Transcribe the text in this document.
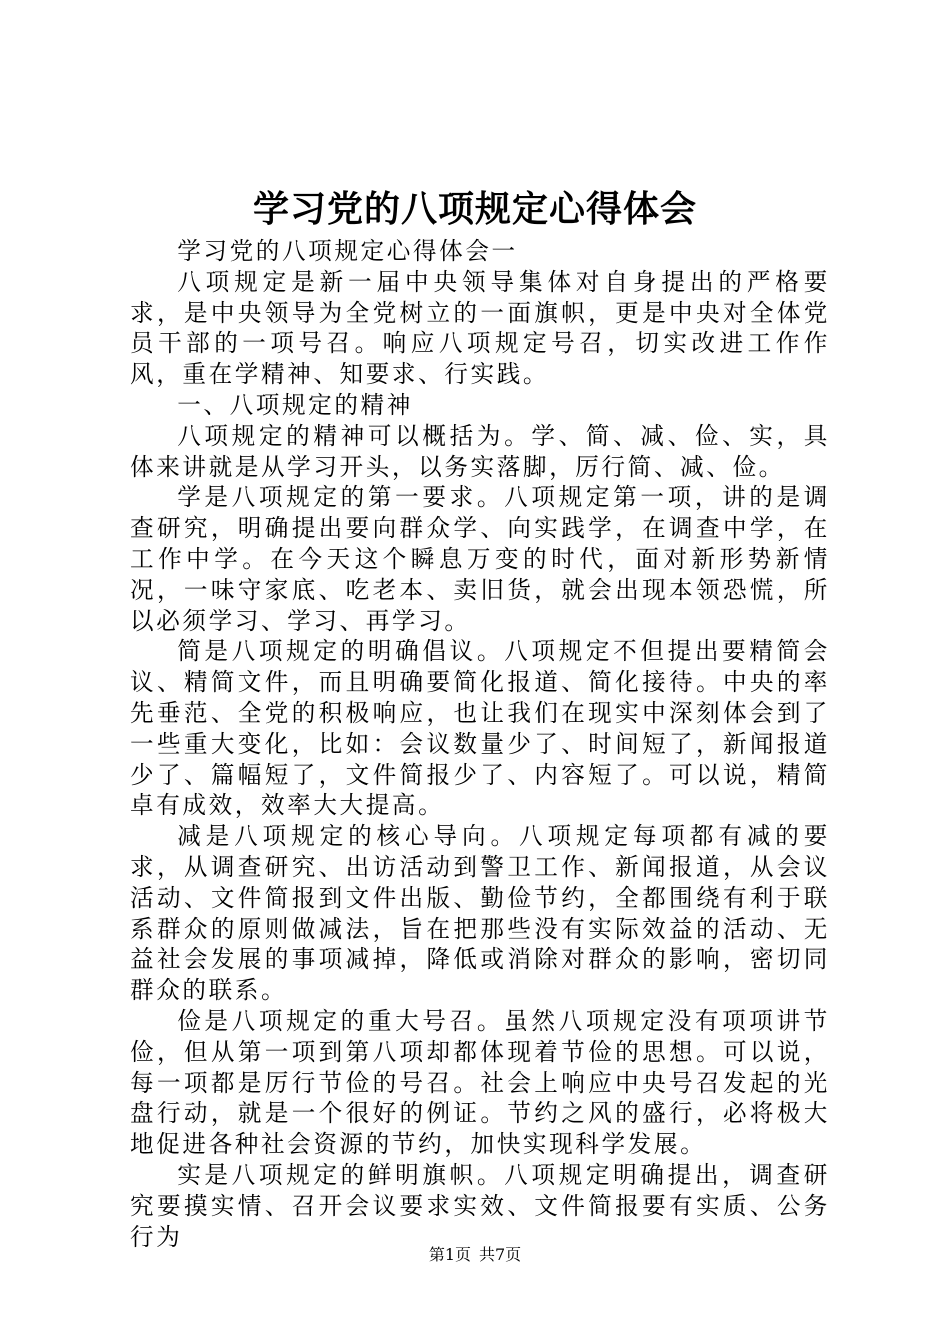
学习党的八项规定心得体会

学习党的八项规定心得体会一

八项规定是新一届中央领导集体对自身提出的严格要求，是中央领导为全党树立的一面旗帜，更是中央对全体党员干部的一项号召。响应八项规定号召，切实改进工作作风，重在学精神、知要求、行实践。

一、八项规定的精神

八项规定的精神可以概括为。学、简、减、俭、实，具体来讲就是从学习开头，以务实落脚，厉行简、减、俭。

学是八项规定的第一要求。八项规定第一项，讲的是调查研究，明确提出要向群众学、向实践学，在调查中学，在工作中学。在今天这个瞬息万变的时代，面对新形势新情况，一味守家底、吃老本、卖旧货，就会出现本领恐慌，所以必须学习、学习、再学习。

简是八项规定的明确倡议。八项规定不但提出要精简会议、精简文件，而且明确要简化报道、简化接待。中央的率先垂范、全党的积极响应，也让我们在现实中深刻体会到了一些重大变化，比如：会议数量少了、时间短了，新闻报道少了、篇幅短了，文件简报少了、内容短了。可以说，精简卓有成效，效率大大提高。

减是八项规定的核心导向。八项规定每项都有减的要求，从调查研究、出访活动到警卫工作、新闻报道，从会议活动、文件简报到文件出版、勤俭节约，全都围绕有利于联系群众的原则做减法，旨在把那些没有实际效益的活动、无益社会发展的事项减掉，降低或消除对群众的影响，密切同群众的联系。

俭是八项规定的重大号召。虽然八项规定没有项项讲节俭，但从第一项到第八项却都体现着节俭的思想。可以说，每一项都是厉行节俭的号召。社会上响应中央号召发起的光盘行动，就是一个很好的例证。节约之风的盛行，必将极大地促进各种社会资源的节约，加快实现科学发展。

实是八项规定的鲜明旗帜。八项规定明确提出，调查研究要摸实情、召开会议要求实效、文件简报要有实质、公务行为

第1页 共7页
